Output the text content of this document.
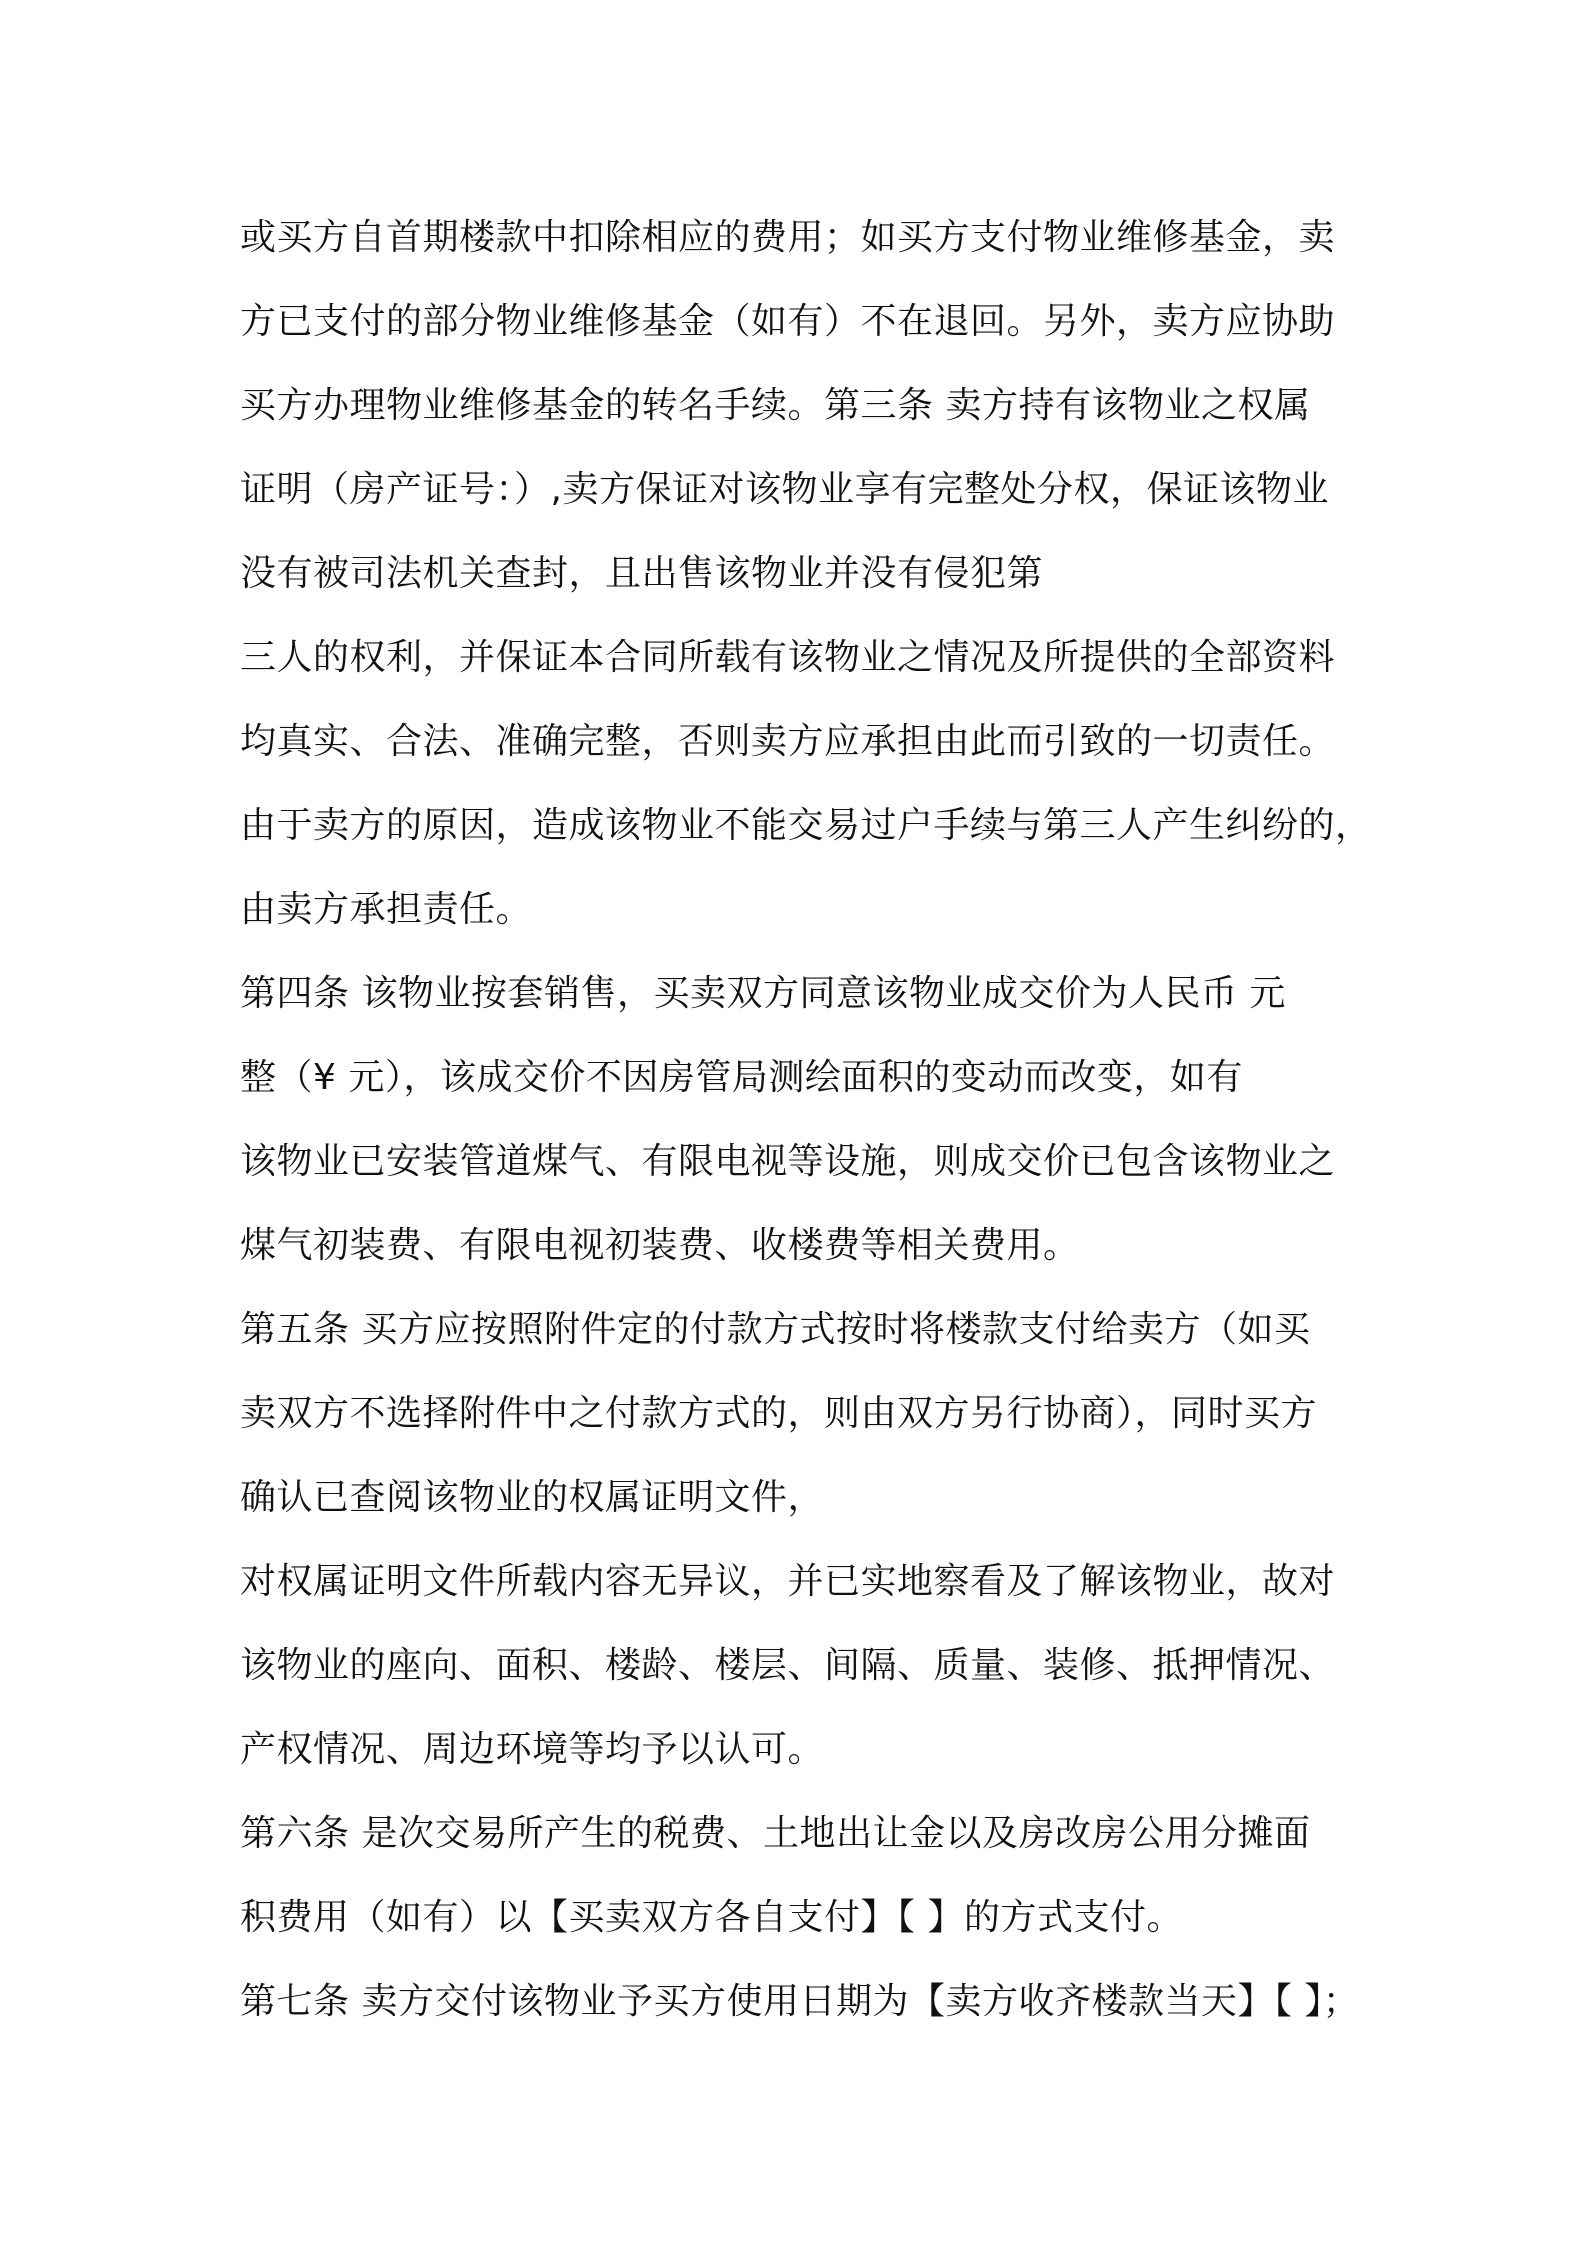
或买方自首期楼款中扣除相应的费用；如买方支付物业维修基金，卖
方已支付的部分物业维修基金（如有）不在退回。另外，卖方应协助
买方办理物业维修基金的转名手续。第三条 卖方持有该物业之权属
证明（房产证号：）,卖方保证对该物业享有完整处分权，保证该物业
没有被司法机关查封，且出售该物业并没有侵犯第
三人的权利，并保证本合同所载有该物业之情况及所提供的全部资料
均真实、合法、准确完整，否则卖方应承担由此而引致的一切责任。
由于卖方的原因，造成该物业不能交易过户手续与第三人产生纠纷的，
由卖方承担责任。
第四条 该物业按套销售，买卖双方同意该物业成交价为人民币 元
整（¥ 元），该成交价不因房管局测绘面积的变动而改变，如有
该物业已安装管道煤气、有限电视等设施，则成交价已包含该物业之
煤气初装费、有限电视初装费、收楼费等相关费用。
第五条 买方应按照附件定的付款方式按时将楼款支付给卖方（如买
卖双方不选择附件中之付款方式的，则由双方另行协商），同时买方
确认已查阅该物业的权属证明文件，
对权属证明文件所载内容无异议，并已实地察看及了解该物业，故对
该物业的座向、面积、楼龄、楼层、间隔、质量、装修、抵押情况、
产权情况、周边环境等均予以认可。
第六条 是次交易所产生的税费、土地出让金以及房改房公用分摊面
积费用（如有）以【买卖双方各自支付】【 】的方式支付。
第七条 卖方交付该物业予买方使用日期为【卖方收齐楼款当天】【 】；
